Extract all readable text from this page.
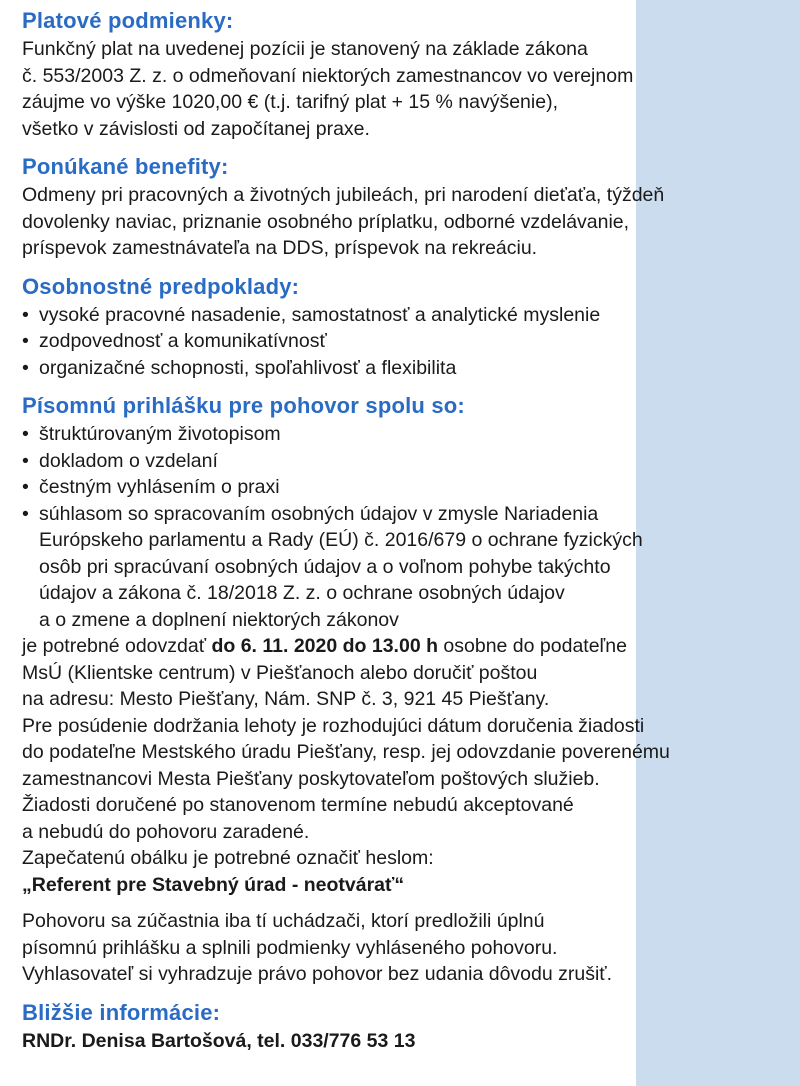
Platové podmienky:

Funkčný plat na uvedenej pozícii je stanovený na základe zákona

č. 553/2003 Z. z. o odmeňovaní niektorých zamestnancov vo verejnom

záujme vo výške 1020,00 € (t.j. tarifný plat + 15 % navýšenie),

všetko v závislosti od započítanej praxe.

Ponúkané benefity:

Odmeny pri pracovných a životných jubileách, pri narodení dieťaťa, týždeň

dovolenky naviac, priznanie osobného príplatku, odborné vzdelávanie,

príspevok zamestnávateľa na DDS, príspevok na rekreáciu.

Osobnostné predpoklady:
• vysoké pracovné nasadenie, samostatnosť a analytické myslenie
• zodpovednosť a komunikatívnosť
• organizačné schopnosti, spoľahlivosť a flexibilita
Písomnú prihlášku pre pohovor spolu so:
• štruktúrovaným životopisom
• dokladom o vzdelaní
• čestným vyhlásením o praxi
• súhlasom so spracovaním osobných údajov v zmysle Nariadenia

Európskeho parlamentu a Rady (EÚ) č. 2016/679 o ochrane fyzických

osôb pri spracúvaní osobných údajov a o voľnom pohybe takýchto

údajov a zákona č. 18/2018 Z. z. o ochrane osobných údajov

a o zmene a doplnení niektorých zákonov

je potrebné odovzdať do 6. 11. 2020 do 13.00 h osobne do podateľne

MsÚ (Klientske centrum) v Piešťanoch alebo doručiť poštou

na adresu: Mesto Piešťany, Nám. SNP č. 3, 921 45 Piešťany.

Pre posúdenie dodržania lehoty je rozhodujúci dátum doručenia žiadosti

do podateľne Mestského úradu Piešťany, resp. jej odovzdanie poverenému

zamestnancovi Mesta Piešťany poskytovateľom poštových služieb.

Žiadosti doručené po stanovenom termíne nebudú akceptované

a nebudú do pohovoru zaradené.

Zapečatenú obálku je potrebné označiť heslom:

„Referent pre Stavebný úrad - neotvárať“

Pohovoru sa zúčastnia iba tí uchádzači, ktorí predložili úplnú

písomnú prihlášku a splnili podmienky vyhláseného pohovoru.

Vyhlasovateľ si vyhradzuje právo pohovor bez udania dôvodu zrušiť.

Bližšie informácie:

RNDr. Denisa Bartošová, tel. 033/776 53 13
